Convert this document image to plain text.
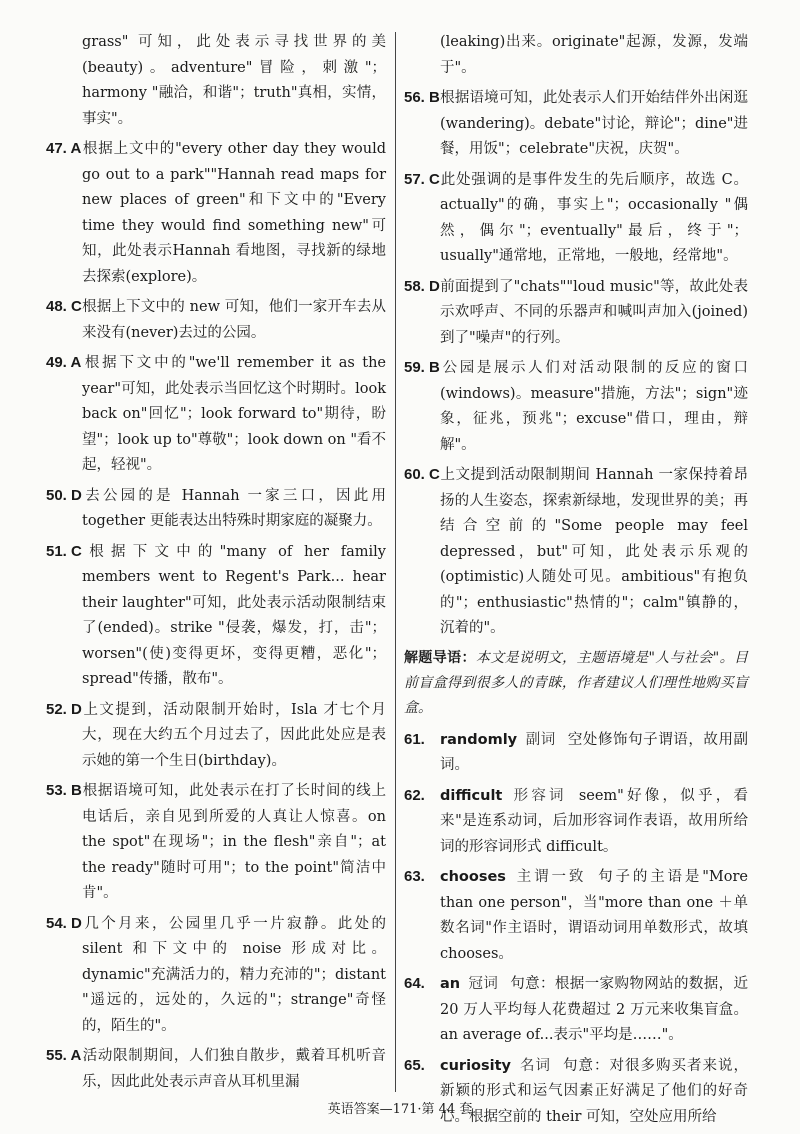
grass" 可知，此处表示寻找世界的美(beauty)。adventure"冒险，刺激"；harmony "融洽，和谐"；truth"真相，实情，事实"。

47. A根据上文中的"every other day they would go out to a park""Hannah read maps for new places of green"和下文中的"Every time they would find something new"可知，此处表示Hannah 看地图，寻找新的绿地去探索(explore)。

48. C根据上下文中的 new 可知，他们一家开车去从来没有(never)去过的公园。

49. A根据下文中的"we'll remember it as the year"可知，此处表示当回忆这个时期时。look back on"回忆"；look forward to"期待，盼望"；look up to"尊敬"；look down on "看不起，轻视"。

50. D去公园的是 Hannah 一家三口，因此用 together 更能表达出特殊时期家庭的凝聚力。

51. C根据下文中的"many of her family members went to Regent's Park... hear their laughter"可知，此处表示活动限制结束了(ended)。strike "侵袭，爆发，打，击"；worsen"(使)变得更坏，变得更糟，恶化"；spread"传播，散布"。

52. D上文提到，活动限制开始时，Isla 才七个月大，现在大约五个月过去了，因此此处应是表示她的第一个生日(birthday)。

53. B根据语境可知，此处表示在打了长时间的线上电话后，亲自见到所爱的人真让人惊喜。on the spot"在现场"；in the flesh"亲自"；at the ready"随时可用"；to the point"简洁中肯"。

54. D几个月来，公园里几乎一片寂静。此处的 silent 和下文中的 noise 形成对比。dynamic"充满活力的，精力充沛的"；distant "遥远的，远处的，久远的"；strange"奇怪的，陌生的"。

55. A活动限制期间，人们独自散步，戴着耳机听音乐，因此此处表示声音从耳机里漏

(leaking)出来。originate"起源，发源，发端于"。

56. B根据语境可知，此处表示人们开始结伴外出闲逛(wandering)。debate"讨论，辩论"；dine"进餐，用饭"；celebrate"庆祝，庆贺"。

57. C此处强调的是事件发生的先后顺序，故选 C。actually"的确，事实上"；occasionally "偶然，偶尔"；eventually"最后，终于"；usually"通常地，正常地，一般地，经常地"。

58. D前面提到了"chats""loud music"等，故此处表示欢呼声、不同的乐器声和喊叫声加入(joined)到了"噪声"的行列。

59. B公园是展示人们对活动限制的反应的窗口(windows)。measure"措施，方法"；sign"迹象，征兆，预兆"；excuse"借口，理由，辩解"。

60. C上文提到活动限制期间 Hannah 一家保持着昂扬的人生姿态，探索新绿地，发现世界的美；再结合空前的"Some people may feel depressed，but"可知，此处表示乐观的(optimistic)人随处可见。ambitious"有抱负的"；enthusiastic"热情的"；calm"镇静的，沉着的"。

解题导语：本文是说明文，主题语境是"人与社会"。目前盲盒得到很多人的青睐，作者建议人们理性地购买盲盒。

61. randomly 副词 空处修饰句子谓语，故用副词。

62. difficult 形容词 seem"好像，似乎，看来"是连系动词，后加形容词作表语，故用所给词的形容词形式 difficult。

63. chooses 主谓一致 句子的主语是"More than one person"，当"more than one ＋单数名词"作主语时，谓语动词用单数形式，故填 chooses。

64. an 冠词 句意：根据一家购物网站的数据，近 20 万人平均每人花费超过 2 万元来收集盲盒。an average of...表示"平均是……"。

65. curiosity 名词 句意：对很多购买者来说，新颖的形式和运气因素正好满足了他们的好奇心。根据空前的 their 可知，空处应用所给

英语答案—171·第 44 套
